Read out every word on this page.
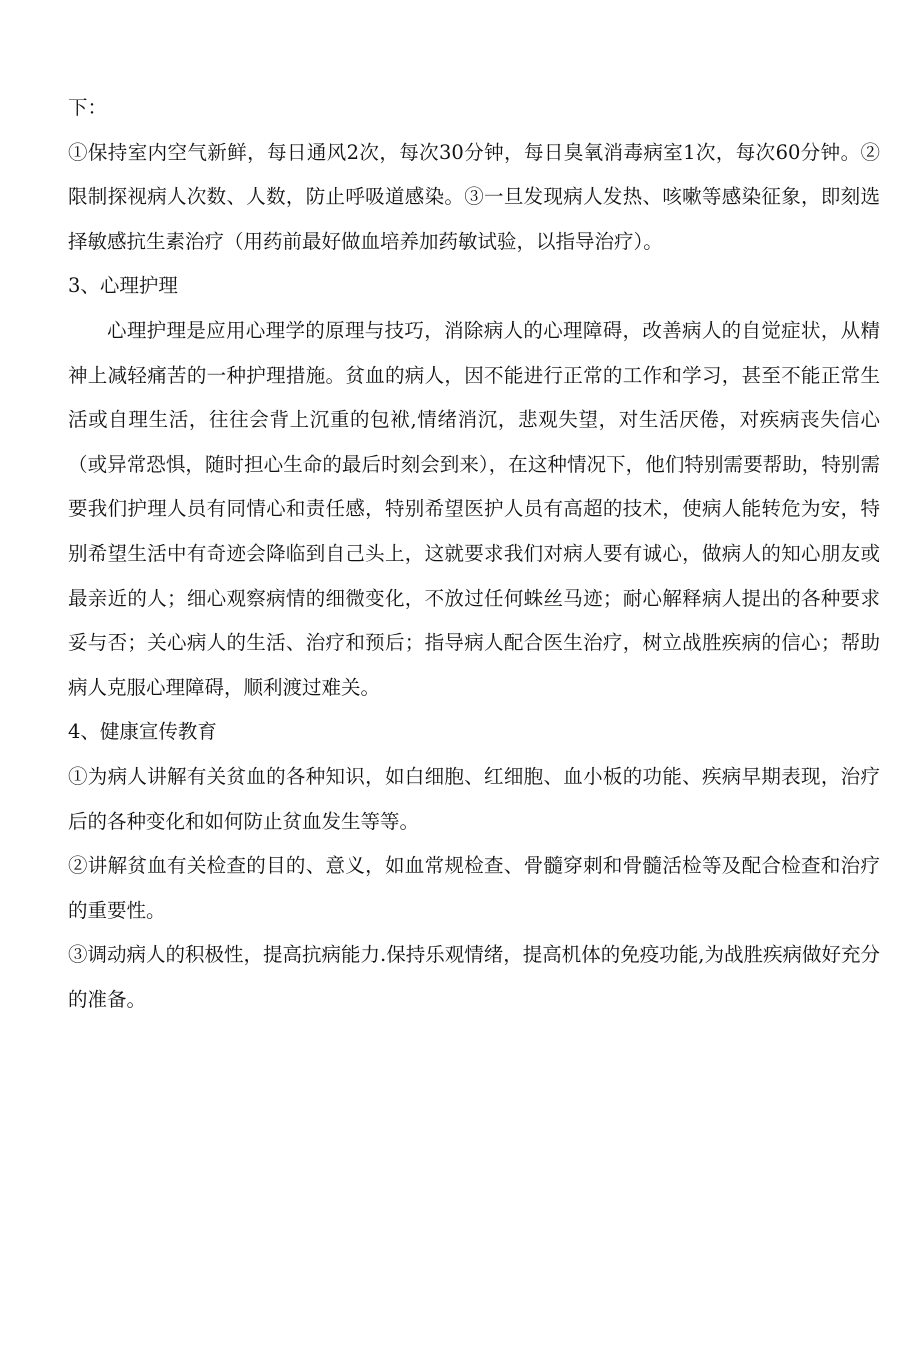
下：

①保持室内空气新鲜，每日通风2次，每次30分钟，每日臭氧消毒病室1次，每次60分钟。②限制探视病人次数、人数，防止呼吸道感染。③一旦发现病人发热、咳嗽等感染征象，即刻选择敏感抗生素治疗（用药前最好做血培养加药敏试验，以指导治疗）。

3、心理护理

心理护理是应用心理学的原理与技巧，消除病人的心理障碍，改善病人的自觉症状，从精神上减轻痛苦的一种护理措施。贫血的病人，因不能进行正常的工作和学习，甚至不能正常生活或自理生活，往往会背上沉重的包袱,情绪消沉，悲观失望，对生活厌倦，对疾病丧失信心（或异常恐惧，随时担心生命的最后时刻会到来），在这种情况下，他们特别需要帮助，特别需要我们护理人员有同情心和责任感，特别希望医护人员有高超的技术，使病人能转危为安，特别希望生活中有奇迹会降临到自己头上，这就要求我们对病人要有诚心，做病人的知心朋友或最亲近的人；细心观察病情的细微变化，不放过任何蛛丝马迹；耐心解释病人提出的各种要求妥与否；关心病人的生活、治疗和预后；指导病人配合医生治疗，树立战胜疾病的信心；帮助病人克服心理障碍，顺利渡过难关。

4、健康宣传教育

①为病人讲解有关贫血的各种知识，如白细胞、红细胞、血小板的功能、疾病早期表现，治疗后的各种变化和如何防止贫血发生等等。

②讲解贫血有关检查的目的、意义，如血常规检查、骨髓穿刺和骨髓活检等及配合检查和治疗的重要性。

③调动病人的积极性，提高抗病能力.保持乐观情绪，提高机体的免疫功能,为战胜疾病做好充分的准备。
